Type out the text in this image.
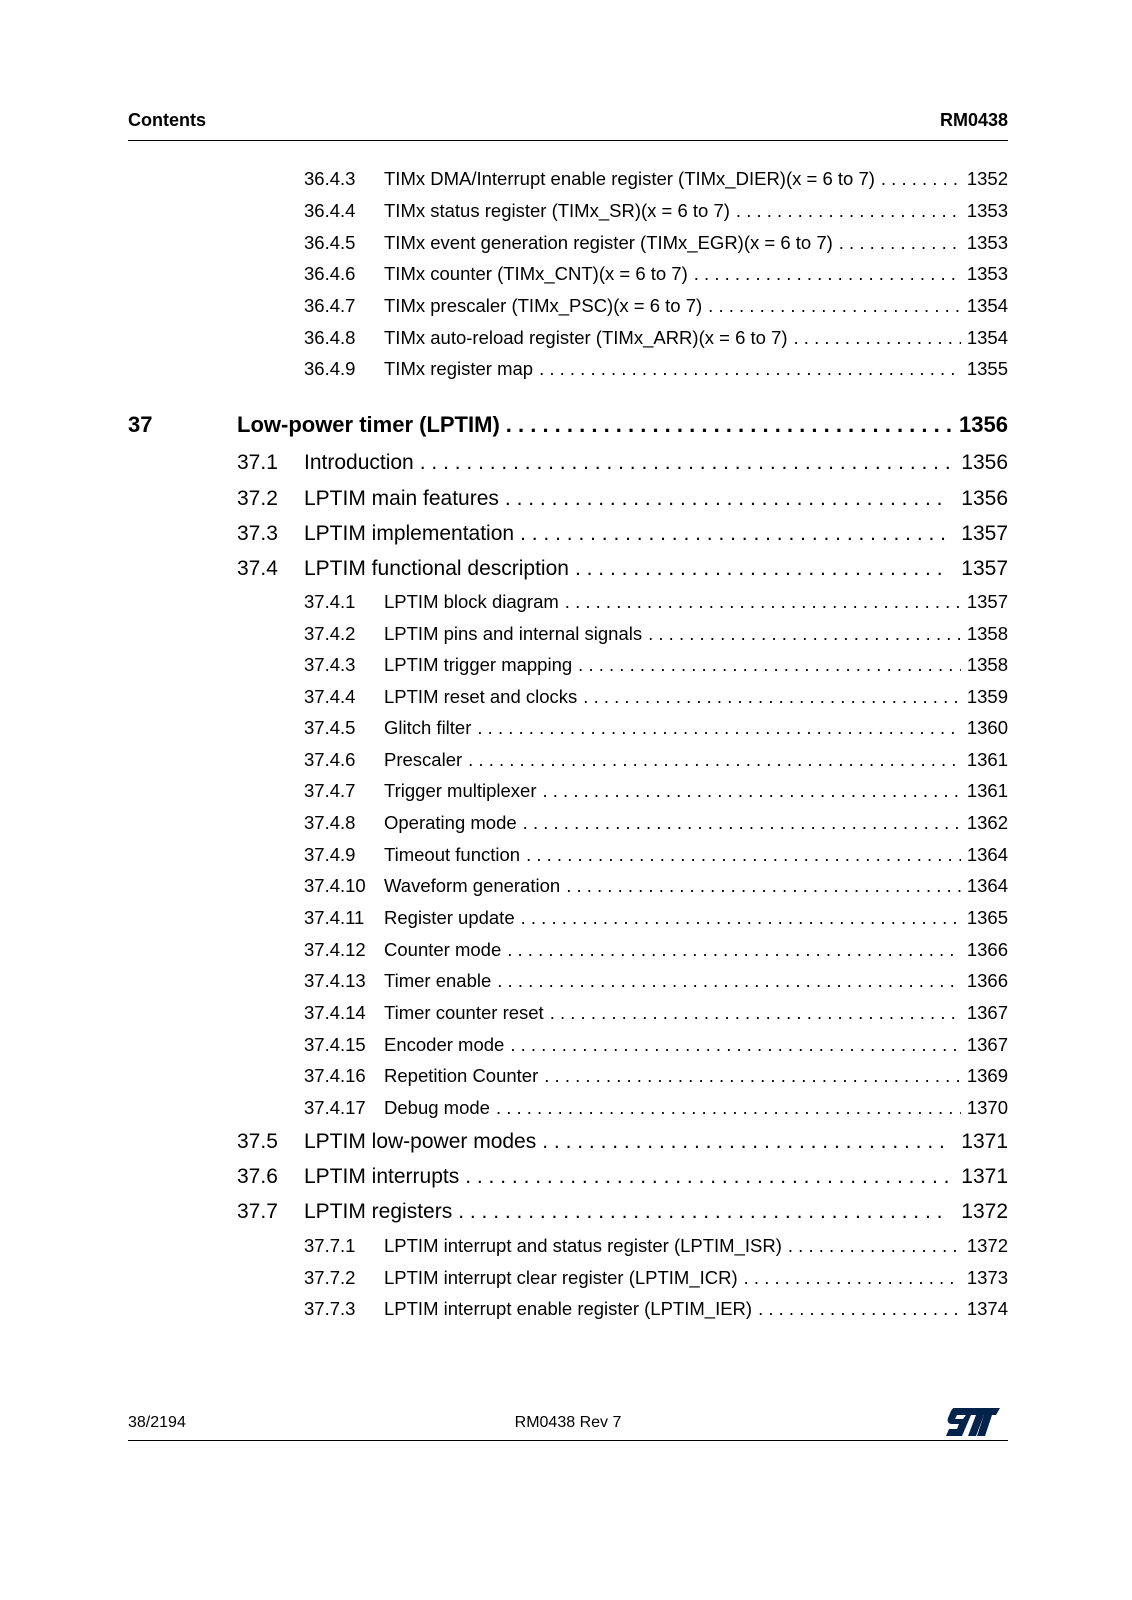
Contents	RM0438
36.4.3	TIMx DMA/Interrupt enable register (TIMx_DIER)(x = 6 to 7) . . .	1352
36.4.4	TIMx status register (TIMx_SR)(x = 6 to 7) . . .	1353
36.4.5	TIMx event generation register (TIMx_EGR)(x = 6 to 7) . . .	1353
36.4.6	TIMx counter (TIMx_CNT)(x = 6 to 7) . . .	1353
36.4.7	TIMx prescaler (TIMx_PSC)(x = 6 to 7) . . .	1354
36.4.8	TIMx auto-reload register (TIMx_ARR)(x = 6 to 7) . . .	1354
36.4.9	TIMx register map . . .	1355
37	Low-power timer (LPTIM) . . .	1356
37.1	Introduction . . .	1356
37.2	LPTIM main features . . .	1356
37.3	LPTIM implementation . . .	1357
37.4	LPTIM functional description . . .	1357
37.4.1	LPTIM block diagram . . .	1357
37.4.2	LPTIM pins and internal signals . . .	1358
37.4.3	LPTIM trigger mapping . . .	1358
37.4.4	LPTIM reset and clocks . . .	1359
37.4.5	Glitch filter . . .	1360
37.4.6	Prescaler . . .	1361
37.4.7	Trigger multiplexer . . .	1361
37.4.8	Operating mode . . .	1362
37.4.9	Timeout function . . .	1364
37.4.10 Waveform generation . . .	1364
37.4.11	Register update . . .	1365
37.4.12 Counter mode . . .	1366
37.4.13 Timer enable . . .	1366
37.4.14 Timer counter reset . . .	1367
37.4.15 Encoder mode . . .	1367
37.4.16 Repetition Counter . . .	1369
37.4.17 Debug mode . . .	1370
37.5	LPTIM low-power modes . . .	1371
37.6	LPTIM interrupts . . .	1371
37.7	LPTIM registers . . .	1372
37.7.1	LPTIM interrupt and status register (LPTIM_ISR) . . .	1372
37.7.2	LPTIM interrupt clear register (LPTIM_ICR) . . .	1373
37.7.3	LPTIM interrupt enable register (LPTIM_IER) . . .	1374
38/2194	RM0438 Rev 7
